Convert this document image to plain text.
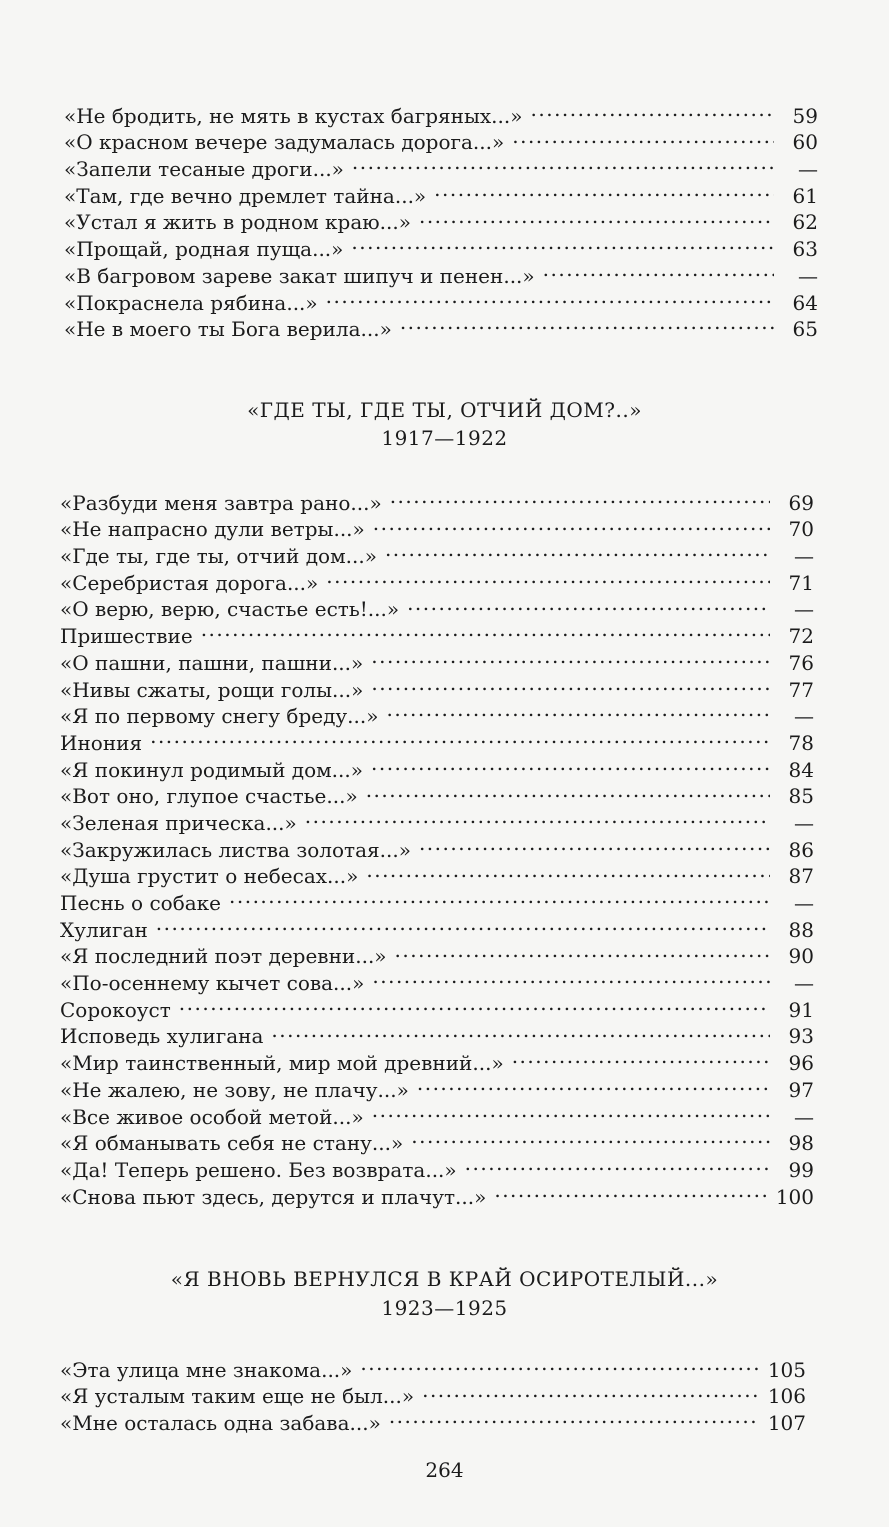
«Не бродить, не мять в кустах багряных...» .....	59
«О красном вечере задумалась дорога...» .....	60
«Запели тесаные дроги...» .....	—
«Там, где вечно дремлет тайна...» .....	61
«Устал я жить в родном краю...» .....	62
«Прощай, родная пуща...» .....	63
«В багровом зареве закат шипуч и пенен...» .....	—
«Покраснела рябина...» .....	64
«Не в моего ты Бога верила...» .....	65
«ГДЕ ТЫ, ГДЕ ТЫ, ОТЧИЙ ДОМ?..»
1917—1922
«Разбуди меня завтра рано...» .....	69
«Не напрасно дули ветры...» .....	70
«Где ты, где ты, отчий дом...» .....	—
«Серебристая дорога...» .....	71
«О верю, верю, счастье есть!...» .....	—
Пришествие .....	72
«О пашни, пашни, пашни...» .....	76
«Нивы сжаты, рощи голы...» .....	77
«Я по первому снегу бреду...» .....	—
Инония .....	78
«Я покинул родимый дом...» .....	84
«Вот оно, глупое счастье...» .....	85
«Зеленая прическа...» .....	—
«Закружилась листва золотая...» .....	86
«Душа грустит о небесах...» .....	87
Песнь о собаке .....	—
Хулиган .....	88
«Я последний поэт деревни...» .....	90
«По-осеннему кычет сова...» .....	—
Сорокоуст .....	91
Исповедь хулигана .....	93
«Мир таинственный, мир мой древний...» .....	96
«Не жалею, не зову, не плачу...» .....	97
«Все живое особой метой...» .....	—
«Я обманывать себя не стану...» .....	98
«Да! Теперь решено. Без возврата...» .....	99
«Снова пьют здесь, дерутся и плачут...» .....	100
«Я ВНОВЬ ВЕРНУЛСЯ В КРАЙ ОСИРОТЕЛЫЙ...»
1923—1925
«Эта улица мне знакома...» .....	105
«Я усталым таким еще не был...» .....	106
«Мне осталась одна забава...» .....	107
264
